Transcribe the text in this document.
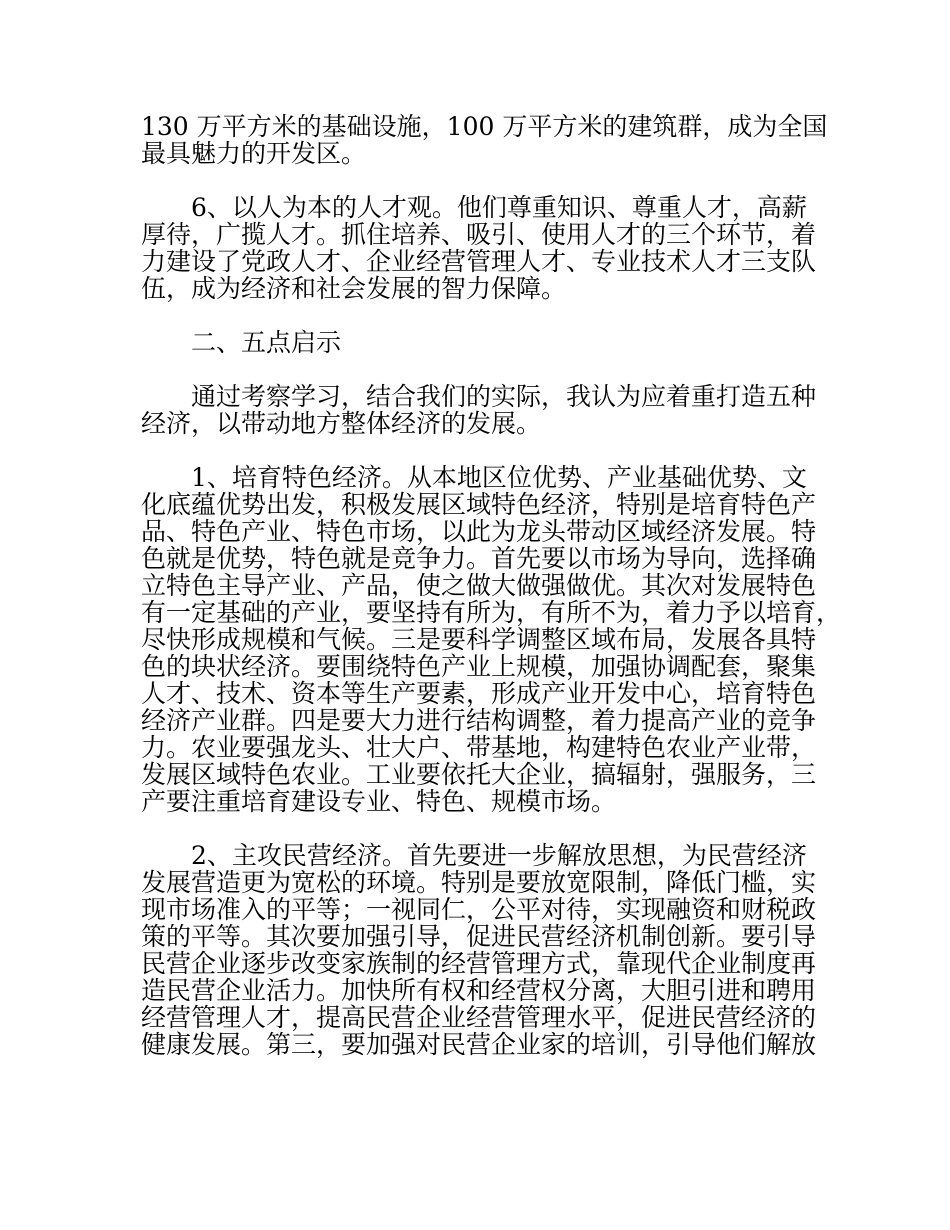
130 万平方米的基础设施，100 万平方米的建筑群，成为全国
最具魅力的开发区。
6、以人为本的人才观。他们尊重知识、尊重人才，高薪
厚待，广揽人才。抓住培养、吸引、使用人才的三个环节，着
力建设了党政人才、企业经营管理人才、专业技术人才三支队
伍，成为经济和社会发展的智力保障。
二、五点启示
通过考察学习，结合我们的实际，我认为应着重打造五种
经济，以带动地方整体经济的发展。
1、培育特色经济。从本地区位优势、产业基础优势、文
化底蕴优势出发，积极发展区域特色经济，特别是培育特色产
品、特色产业、特色市场，以此为龙头带动区域经济发展。特
色就是优势，特色就是竞争力。首先要以市场为导向，选择确
立特色主导产业、产品，使之做大做强做优。其次对发展特色
有一定基础的产业，要坚持有所为，有所不为，着力予以培育，
尽快形成规模和气候。三是要科学调整区域布局，发展各具特
色的块状经济。要围绕特色产业上规模，加强协调配套，聚集
人才、技术、资本等生产要素，形成产业开发中心，培育特色
经济产业群。四是要大力进行结构调整，着力提高产业的竞争
力。农业要强龙头、壮大户、带基地，构建特色农业产业带，
发展区域特色农业。工业要依托大企业，搞辐射，强服务，三
产要注重培育建设专业、特色、规模市场。
2、主攻民营经济。首先要进一步解放思想，为民营经济
发展营造更为宽松的环境。特别是要放宽限制，降低门槛，实
现市场准入的平等；一视同仁，公平对待，实现融资和财税政
策的平等。其次要加强引导，促进民营经济机制创新。要引导
民营企业逐步改变家族制的经营管理方式，靠现代企业制度再
造民营企业活力。加快所有权和经营权分离，大胆引进和聘用
经营管理人才，提高民营企业经营管理水平，促进民营经济的
健康发展。第三，要加强对民营企业家的培训，引导他们解放
